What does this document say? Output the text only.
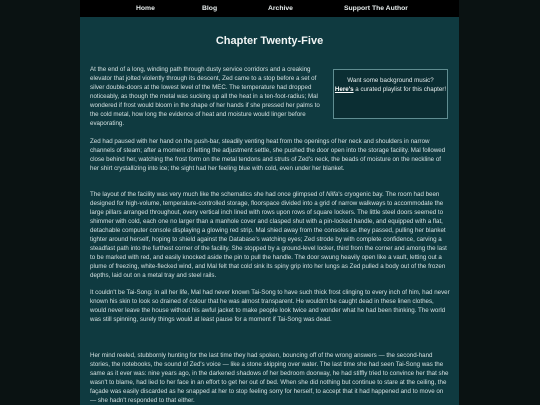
Home	Blog	Archive	Support The Author
Chapter Twenty-Five
Want some background music?
Here's a curated playlist for this chapter!

At the end of a long, winding path through dusty service corridors and a creaking elevator that jolted violently through its descent, Zed came to a stop before a set of silver double-doors at the lowest level of the MEC. The temperature had dropped noticeably, as though the metal was sucking up all the heat in a ten-foot-radius; Mal wondered if frost would bloom in the shape of her hands if she pressed her palms to the cold metal, how long the evidence of heat and moisture would linger before evaporating.

Zed had paused with her hand on the push-bar, steadily venting heat from the openings of her neck and shoulders in narrow channels of steam; after a moment of letting the adjustment settle, she pushed the door open into the storage facility. Mal followed close behind her, watching the frost form on the metal tendons and struts of Zed's neck, the beads of moisture on the neckline of her shirt crystallizing into ice; the sight had her feeling blue with cold, even under her blanket.

The layout of the facility was very much like the schematics she had once glimpsed of Nilfa's cryogenic bay. The room had been designed for high-volume, temperature-controlled storage, floorspace divided into a grid of narrow walkways to accommodate the large pillars arranged throughout, every vertical inch lined with rows upon rows of square lockers. The little steel doors seemed to shimmer with cold, each one no larger than a manhole cover and clasped shut with a pin-locked handle, and equipped with a flat, detachable computer console displaying a glowing red strip. Mal shied away from the consoles as they passed, pulling her blanket tighter around herself, hoping to shield against the Database's watching eyes; Zed strode by with complete confidence, carving a steadfast path into the furthest corner of the facility. She stopped by a ground-level locker, third from the corner and among the last to be marked with red, and easily knocked aside the pin to pull the handle. The door swung heavily open like a vault, letting out a plume of freezing, white-flecked wind, and Mal felt that cold sink its spiny grip into her lungs as Zed pulled a body out of the frozen depths, laid out on a metal tray and steel rails.

It couldn't be Tai-Song: in all her life, Mal had never known Tai-Song to have such thick frost clinging to every inch of him, had never known his skin to look so drained of colour that he was almost transparent. He wouldn't be caught dead in these linen clothes, would never leave the house without his awful jacket to make people look twice and wonder what he had been thinking. The world was still spinning, surely things would at least pause for a moment if Tai-Song was dead.

Her mind reeled, stubbornly hunting for the last time they had spoken, bouncing off of the wrong answers — the second-hand stories, the notebooks, the sound of Zed's voice — like a stone skipping over water. The last time she had seen Tai-Song was the same as it ever was: nine years ago, in the darkened shadows of her bedroom doorway, he had stiffly tried to convince her that she wasn't to blame, had lied to her face in an effort to get her out of bed. When she did nothing but continue to stare at the ceiling, the façade was easily discarded as he snapped at her to stop feeling sorry for herself, to accept that it had happened and to move on — she hadn't responded to that either.
